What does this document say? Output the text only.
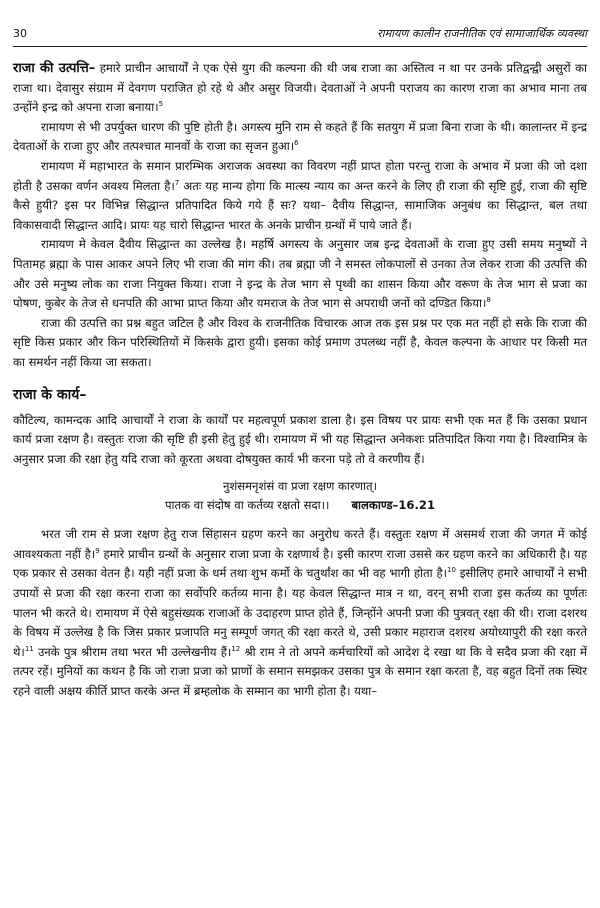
30	रामायण कालीन राजनीतिक एवं सामाजार्थिक व्यवस्था

राजा की उत्पत्ति– हमारे प्राचीन आचार्यों ने एक ऐसे युग की कल्पना की थी जब राजा का अस्तित्व न था पर उनके प्रतिद्वन्द्वी असुरों का राजा था। देवासुर संग्राम में देवगण पराजित हो रहे थे और असुर विजयी। देवताओं ने अपनी पराजय का कारण राजा का अभाव माना तब उन्होंने इन्द्र को अपना राजा बनाया।$^5$

रामायण से भी उपर्युक्त धारण की पुष्टि होती है। अगस्त्य मुनि राम से कहते हैं कि सतयुग में प्रजा बिना राजा के थी। कालान्तर में इन्द्र देवताओं के राजा हुए और तत्पश्चात मानवों के राजा का सृजन हुआ।$^6$

रामायण में महाभारत के समान प्रारम्भिक अराजक अवस्था का विवरण नहीं प्राप्त होता परन्तु राजा के अभाव में प्रजा की जो दशा होती है उसका वर्णन अवश्य मिलता है।$^7$ अतः यह मान्य होगा कि मात्स्य न्याय का अन्त करने के लिए ही राजा की सृष्टि हुई, राजा की सृष्टि कैसे हुयी? इस पर विभिन्न सिद्धान्त प्रतिपादित किये गये हैं सः? यथा– दैवीय सिद्धान्त, सामाजिक अनुबंध का सिद्धान्त, बल तथा विकासवादी सिद्धान्त आदि। प्रायः यह चारो सिद्धान्त भारत के अनके प्राचीन ग्रन्थों में पाये जाते हैं।

रामायण मे केवल दैवीय सिद्धान्त का उल्लेख है। महर्षि अगस्त्य के अनुसार जब इन्द्र देवताओं के राजा हुए उसी समय मनुष्यों ने पितामह ब्रह्मा के पास आकर अपने लिए भी राजा की मांग की। तब ब्रह्मा जी ने समस्त लोकपालों से उनका तेज लेकर राजा की उत्पत्ति की और उसे मनुष्य लोक का राजा नियुक्त किया। राजा ने इन्द्र के तेज भाग से पृथ्वी का शासन किया और वरूण के तेज भाग से प्रजा का पोषण, कुबेर के तेज से धनपति की आभा प्राप्त किया और यमराज के तेज भाग से अपराधी जनों को दण्डित किया।$^8$

राजा की उत्पत्ति का प्रश्न बहुत जटिल है और विश्व के राजनीतिक विचारक आज तक इस प्रश्न पर एक मत नहीं हो सके कि राजा की सृष्टि किस प्रकार और किन परिस्थितियों में किसके द्वारा हुयी। इसका कोई प्रमाण उपलब्ध नहीं है, केवल कल्पना के आधार पर किसी मत का समर्थन नहीं किया जा सकता।

राजा के कार्य–

कौटिल्य, कामन्दक आदि आचार्यों ने राजा के कार्यों पर महत्वपूर्ण प्रकाश डाला है। इस विषय पर प्रायः सभी एक मत हैं कि उसका प्रधान कार्य प्रजा रक्षण है। वस्तुतः राजा की सृष्टि ही इसी हेतु हुई थी। रामायण में भी यह सिद्धान्त अनेकशः प्रतिपादित किया गया है। विश्वामित्र के अनुसार प्रजा की रक्षा हेतु यदि राजा को कूरता अथवा दोषयुक्त कार्य भी करना पड़े तो वे करणीय हैं।

नुशंसमनृशंसं वा प्रजा रक्षण कारणात्।
पातक वा संदोष वा कर्तव्य रक्षतो सदा।। बालकाण्ड–16.21

भरत जी राम से प्रजा रक्षण हेतु राज सिंहासन ग्रहण करने का अनुरोध करते हैं। वस्तुतः रक्षण में असमर्थ राजा की जगत में कोई आवश्यकता नहीं है।$^9$ हमारे प्राचीन ग्रन्थों के अनुसार राजा प्रजा के रक्षणार्थ है। इसी कारण राजा उससे कर ग्रहण करने का अधिकारी है। यह एक प्रकार से उसका वेतन है। यही नहीं प्रजा के धर्म तथा शुभ कर्मो के चतुर्थांश का भी वह भागी होता है।$^{10}$ इसीलिए हमारे आचार्यों ने सभी उपायों से प्रजा की रक्षा करना राजा का सर्वोपरि कर्तव्य माना है। यह केवल सिद्धान्त मात्र न था, वरन् सभी राजा इस कर्तव्य का पूर्णतः पालन भी करते थे। रामायण में ऐसे बहुसंख्यक राजाओं के उदाहरण प्राप्त होते हैं, जिन्होंने अपनी प्रजा की पुत्रवत् रक्षा की थी। राजा दशरथ के विषय में उल्लेख है कि जिस प्रकार प्रजापति मनु सम्पूर्ण जगत् की रक्षा करते थे, उसी प्रकार महाराज दशरथ अयोध्यापुरी की रक्षा करते थे।$^{11}$ उनके पुत्र श्रीराम तथा भरत भी उल्लेखनीय हैं।$^{12}$ श्री राम ने तो अपने कर्मचारियों को आदेश दे रखा था कि वे सदैव प्रजा की रक्षा में तत्पर रहें। मुनियों का कथन है कि जो राजा प्रजा को प्राणों के समान समझकर उसका पुत्र के समान रक्षा करता है, वह बहुत दिनों तक स्थिर रहने वाली अक्षय कीर्ति प्राप्त करके अन्त में ब्रम्हलोक के सम्मान का भागी होता है। यथा–
